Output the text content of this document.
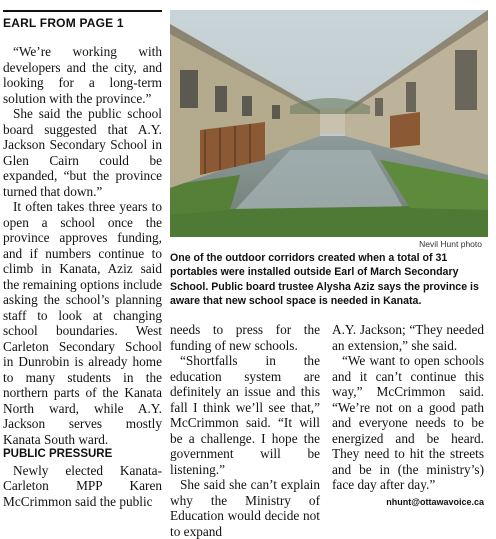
EARL FROM PAGE 1

“We’re working with developers and the city, and looking for a long-term solution with the province.”

She said the public school board suggested that A.Y. Jackson Secondary School in Glen Cairn could be expanded, “but the province turned that down.”

It often takes three years to open a school once the province approves funding, and if numbers continue to climb in Kanata, Aziz said the remaining options include asking the school’s planning staff to look at changing school boundaries. West Carleton Secondary School in Dunrobin is already home to many students in the northern parts of the Kanata North ward, while A.Y. Jackson serves mostly Kanata South ward.

PUBLIC PRESSURE

Newly elected Kanata-Carleton MPP Karen McCrimmon said the public

Nevil Hunt photo
One of the outdoor corridors created when a total of 31 portables were installed outside Earl of March Secondary School. Public board trustee Alysha Aziz says the province is aware that new school space is needed in Kanata.

needs to press for the funding of new schools.

“Shortfalls in the education system are definitely an issue and this fall I think we’ll see that,” McCrimmon said. “It will be a challenge. I hope the government will be listening.”

She said she can’t explain why the Ministry of Education would decide not to expand

A.Y. Jackson; “They needed an extension,” she said.

“We want to open schools and it can’t continue this way,” McCrimmon said. “We’re not on a good path and everyone needs to be energized and be heard. They need to hit the streets and be in (the ministry’s) face day after day.”

nhunt@ottawavoice.ca
